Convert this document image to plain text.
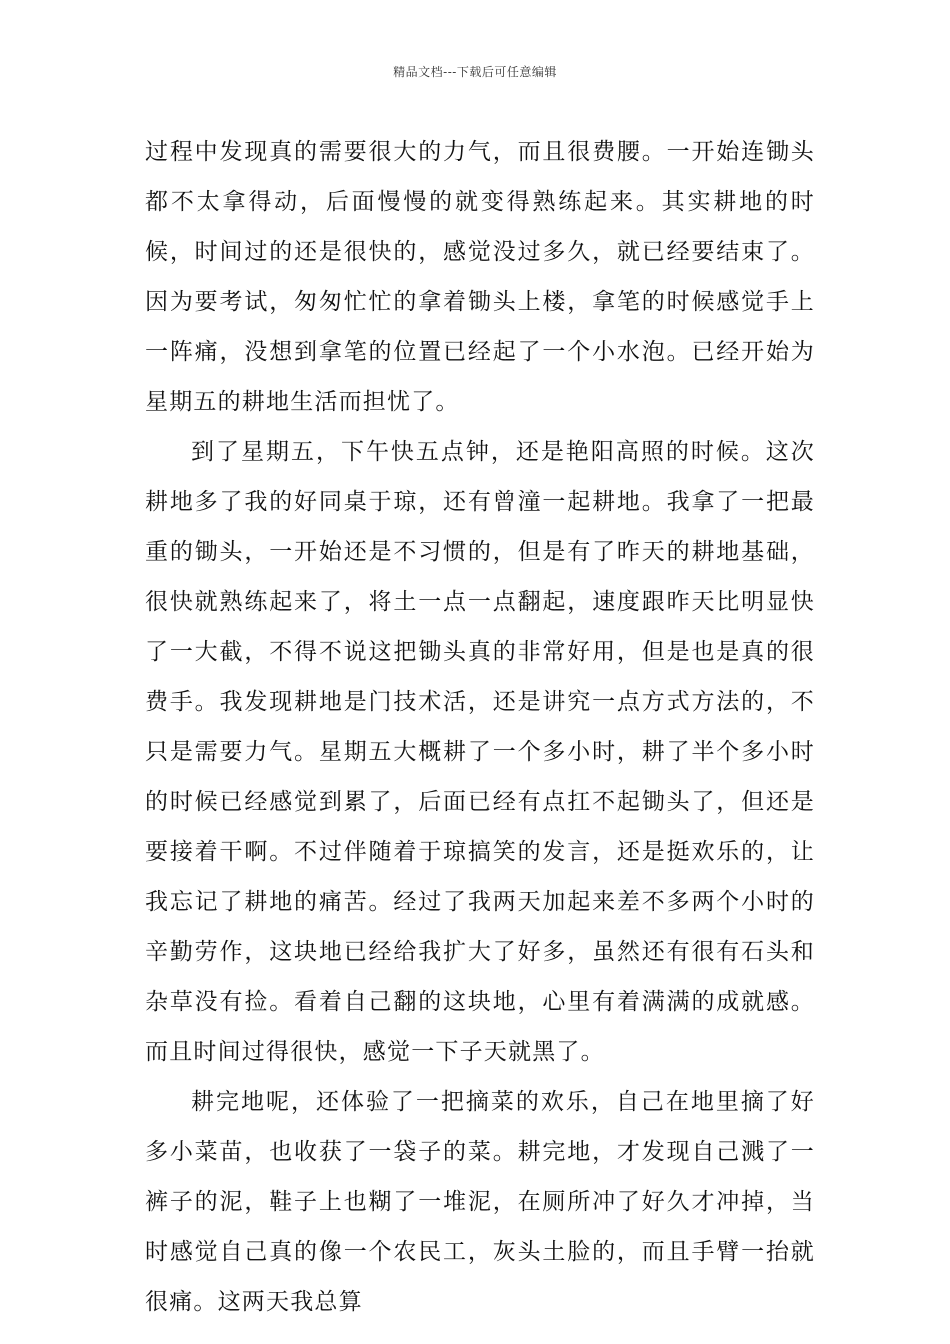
精品文档---下载后可任意编辑

过程中发现真的需要很大的力气，而且很费腰。一开始连锄头都不太拿得动，后面慢慢的就变得熟练起来。其实耕地的时候，时间过的还是很快的，感觉没过多久，就已经要结束了。因为要考试，匆匆忙忙的拿着锄头上楼，拿笔的时候感觉手上一阵痛，没想到拿笔的位置已经起了一个小水泡。已经开始为星期五的耕地生活而担忧了。

到了星期五，下午快五点钟，还是艳阳高照的时候。这次耕地多了我的好同桌于琼，还有曾潼一起耕地。我拿了一把最重的锄头，一开始还是不习惯的，但是有了昨天的耕地基础，很快就熟练起来了，将土一点一点翻起，速度跟昨天比明显快了一大截，不得不说这把锄头真的非常好用，但是也是真的很费手。我发现耕地是门技术活，还是讲究一点方式方法的，不只是需要力气。星期五大概耕了一个多小时，耕了半个多小时的时候已经感觉到累了，后面已经有点扛不起锄头了，但还是要接着干啊。不过伴随着于琼搞笑的发言，还是挺欢乐的，让我忘记了耕地的痛苦。经过了我两天加起来差不多两个小时的辛勤劳作，这块地已经给我扩大了好多，虽然还有很有石头和杂草没有捡。看着自己翻的这块地，心里有着满满的成就感。而且时间过得很快，感觉一下子天就黑了。

耕完地呢，还体验了一把摘菜的欢乐，自己在地里摘了好多小菜苗，也收获了一袋子的菜。耕完地，才发现自己溅了一裤子的泥，鞋子上也糊了一堆泥，在厕所冲了好久才冲掉，当时感觉自己真的像一个农民工，灰头土脸的，而且手臂一抬就很痛。这两天我总算
